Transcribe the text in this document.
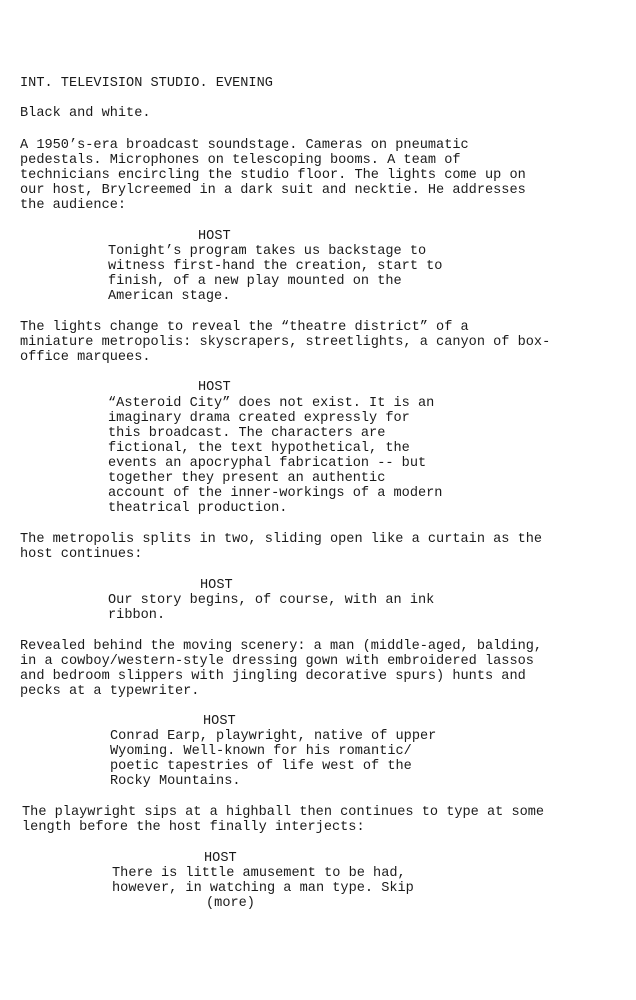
INT. TELEVISION STUDIO. EVENING
Black and white.
A 1950’s-era broadcast soundstage. Cameras on pneumatic
pedestals. Microphones on telescoping booms. A team of
technicians encircling the studio floor. The lights come up on
our host, Brylcreemed in a dark suit and necktie. He addresses
the audience:
HOST
Tonight’s program takes us backstage to
witness first-hand the creation, start to
finish, of a new play mounted on the
American stage.
The lights change to reveal the “theatre district” of a
miniature metropolis: skyscrapers, streetlights, a canyon of box-
office marquees.
HOST
“Asteroid City” does not exist. It is an
imaginary drama created expressly for
this broadcast. The characters are
fictional, the text hypothetical, the
events an apocryphal fabrication -- but
together they present an authentic
account of the inner-workings of a modern
theatrical production.
The metropolis splits in two, sliding open like a curtain as the
host continues:
HOST
Our story begins, of course, with an ink
ribbon.
Revealed behind the moving scenery: a man (middle-aged, balding,
in a cowboy/western-style dressing gown with embroidered lassos
and bedroom slippers with jingling decorative spurs) hunts and
pecks at a typewriter.
HOST
Conrad Earp, playwright, native of upper
Wyoming. Well-known for his romantic/
poetic tapestries of life west of the
Rocky Mountains.
The playwright sips at a highball then continues to type at some
length before the host finally interjects:
HOST
There is little amusement to be had,
however, in watching a man type. Skip
(more)
